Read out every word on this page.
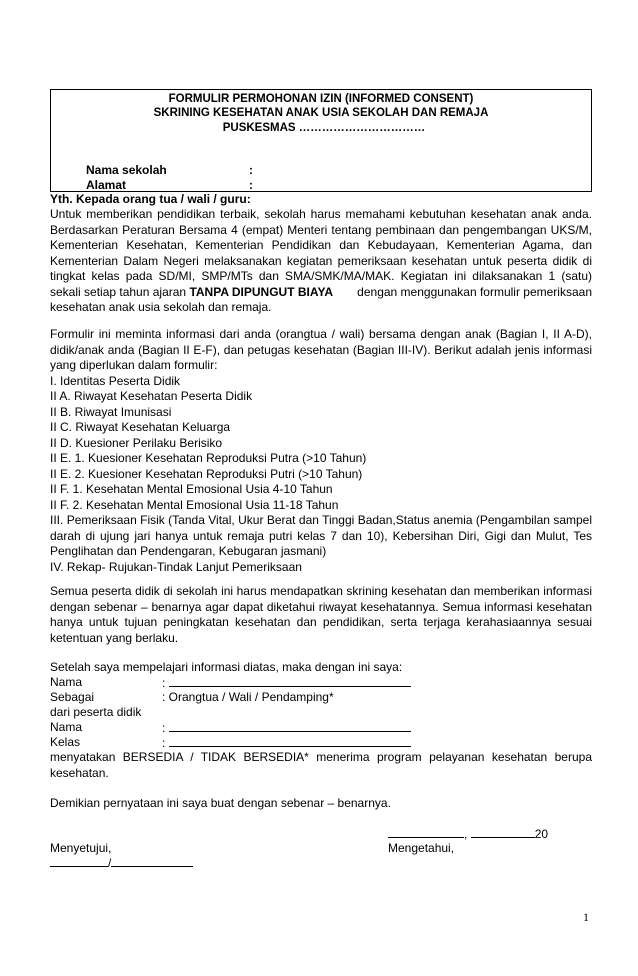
FORMULIR PERMOHONAN IZIN (INFORMED CONSENT)
SKRINING KESEHATAN ANAK USIA SEKOLAH DAN REMAJA
PUSKESMAS ……………………………
Nama sekolah	:
Alamat	:
Yth. Kepada orang tua / wali / guru:
Untuk memberikan pendidikan terbaik, sekolah harus memahami kebutuhan kesehatan anak anda.
Berdasarkan Peraturan Bersama 4 (empat) Menteri tentang pembinaan dan pengembangan UKS/M,
Kementerian Kesehatan, Kementerian Pendidikan dan Kebudayaan, Kementerian Agama, dan
Kementerian Dalam Negeri melaksanakan kegiatan pemeriksaan kesehatan untuk peserta didik di
tingkat kelas pada SD/MI, SMP/MTs dan SMA/SMK/MA/MAK. Kegiatan ini dilaksanakan 1 (satu)
sekali setiap tahun ajaran TANPA DIPUNGUT BIAYA	dengan menggunakan formulir pemeriksaan
kesehatan anak usia sekolah dan remaja.
Formulir ini meminta informasi dari anda (orangtua / wali) bersama dengan anak (Bagian I, II A-D),
didik/anak anda (Bagian II E-F), dan petugas kesehatan (Bagian III-IV). Berikut adalah jenis informasi
yang diperlukan dalam formulir:
I. Identitas Peserta Didik
II A. Riwayat Kesehatan Peserta Didik
II B. Riwayat Imunisasi
II C. Riwayat Kesehatan Keluarga
II D. Kuesioner Perilaku Berisiko
II E. 1. Kuesioner Kesehatan Reproduksi Putra (>10 Tahun)
II E. 2. Kuesioner Kesehatan Reproduksi Putri (>10 Tahun)
II F. 1. Kesehatan Mental Emosional Usia 4-10 Tahun
II F. 2. Kesehatan Mental Emosional Usia 11-18 Tahun
III. Pemeriksaan Fisik (Tanda Vital, Ukur Berat dan Tinggi Badan,Status anemia (Pengambilan sampel
darah di ujung jari hanya untuk remaja putri kelas 7 dan 10), Kebersihan Diri, Gigi dan Mulut, Tes
Penglihatan dan Pendengaran, Kebugaran jasmani)
IV. Rekap- Rujukan-Tindak Lanjut Pemeriksaan
Semua peserta didik di sekolah ini harus mendapatkan skrining kesehatan dan memberikan informasi
dengan sebenar – benarnya agar dapat diketahui riwayat kesehatannya. Semua informasi kesehatan
hanya untuk tujuan peningkatan kesehatan dan pendidikan, serta terjaga kerahasiaannya sesuai
ketentuan yang berlaku.
Setelah saya mempelajari informasi diatas, maka dengan ini saya:
Nama	:
Sebagai	: Orangtua / Wali / Pendamping*
dari peserta didik
Nama	:
Kelas	:
menyatakan BERSEDIA / TIDAK BERSEDIA* menerima program pelayanan kesehatan berupa
kesehatan.
Demikian pernyataan ini saya buat dengan sebenar – benarnya.
,	20
Menyetujui,	Mengetahui,
/
1
